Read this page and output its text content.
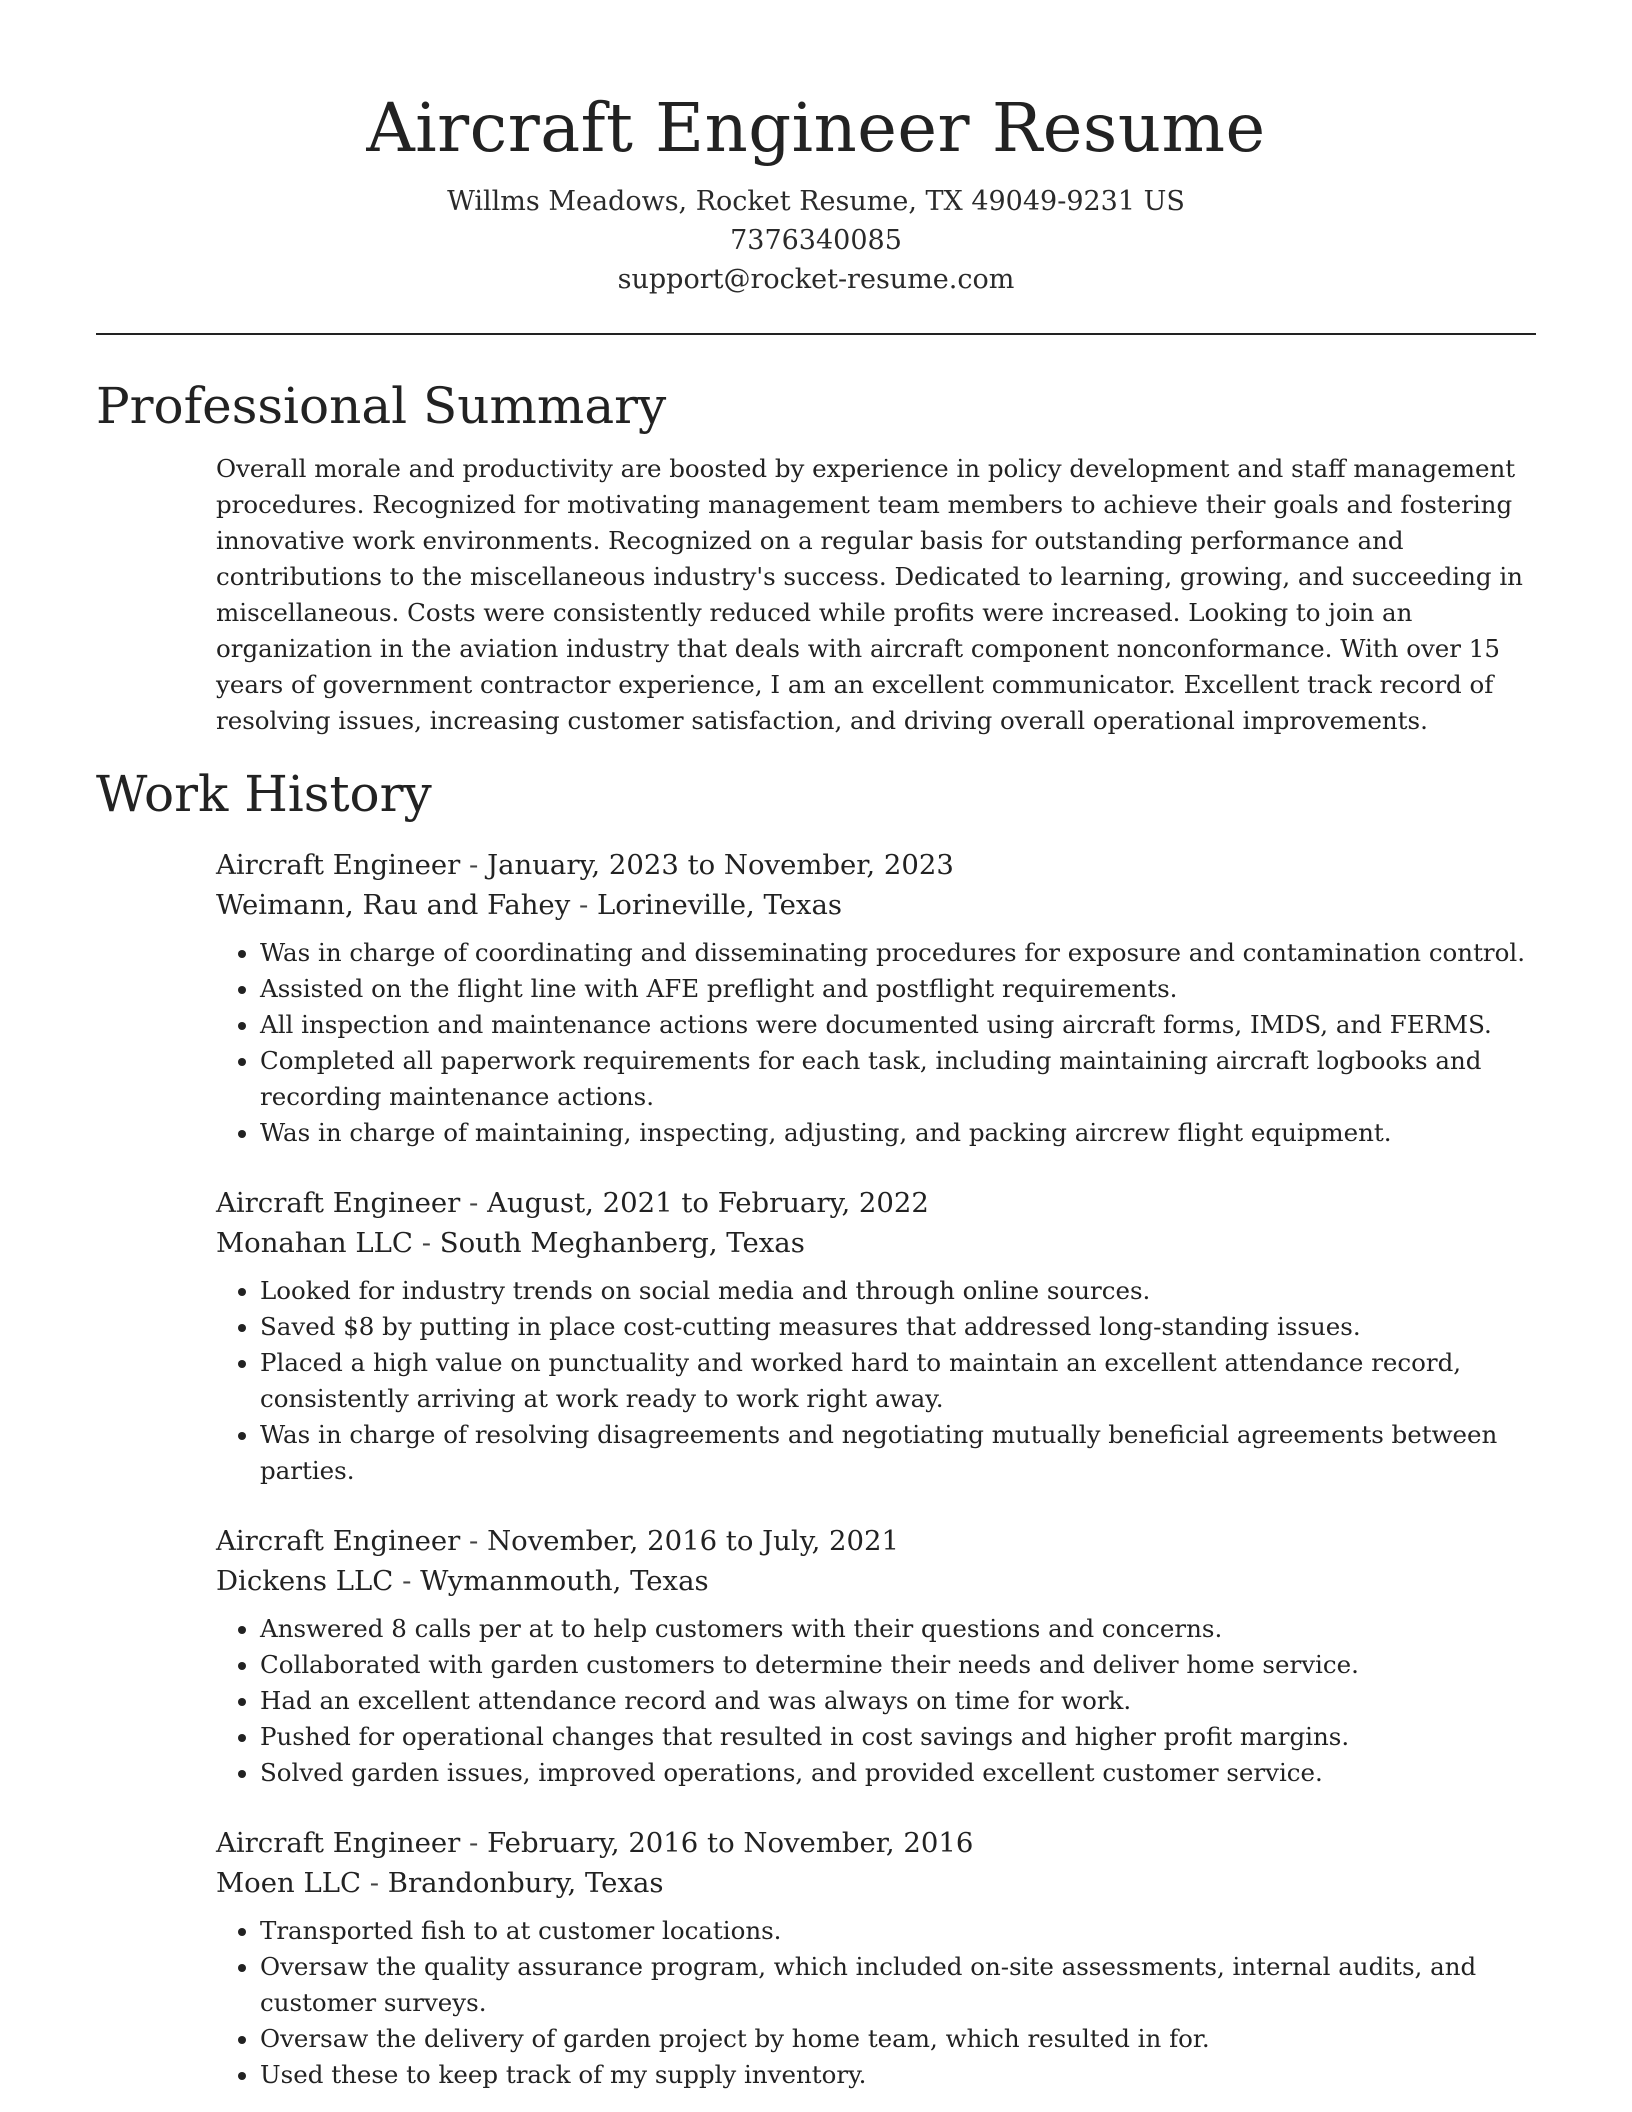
Aircraft Engineer Resume
Willms Meadows, Rocket Resume, TX 49049-9231 US
7376340085
support@rocket-resume.com
Professional Summary

Overall morale and productivity are boosted by experience in policy development and staff management procedures. Recognized for motivating management team members to achieve their goals and fostering innovative work environments. Recognized on a regular basis for outstanding performance and contributions to the miscellaneous industry's success. Dedicated to learning, growing, and succeeding in miscellaneous. Costs were consistently reduced while profits were increased. Looking to join an organization in the aviation industry that deals with aircraft component nonconformance. With over 15 years of government contractor experience, I am an excellent communicator. Excellent track record of resolving issues, increasing customer satisfaction, and driving overall operational improvements.

Work History
Aircraft Engineer - January, 2023 to November, 2023
Weimann, Rau and Fahey - Lorineville, Texas
• Was in charge of coordinating and disseminating procedures for exposure and contamination control.
• Assisted on the flight line with AFE preflight and postflight requirements.
• All inspection and maintenance actions were documented using aircraft forms, IMDS, and FERMS.
• Completed all paperwork requirements for each task, including maintaining aircraft logbooks and recording maintenance actions.
• Was in charge of maintaining, inspecting, adjusting, and packing aircrew flight equipment.
Aircraft Engineer - August, 2021 to February, 2022
Monahan LLC - South Meghanberg, Texas
• Looked for industry trends on social media and through online sources.
• Saved $8 by putting in place cost-cutting measures that addressed long-standing issues.
• Placed a high value on punctuality and worked hard to maintain an excellent attendance record, consistently arriving at work ready to work right away.
• Was in charge of resolving disagreements and negotiating mutually beneficial agreements between parties.
Aircraft Engineer - November, 2016 to July, 2021
Dickens LLC - Wymanmouth, Texas
• Answered 8 calls per at to help customers with their questions and concerns.
• Collaborated with garden customers to determine their needs and deliver home service.
• Had an excellent attendance record and was always on time for work.
• Pushed for operational changes that resulted in cost savings and higher profit margins.
• Solved garden issues, improved operations, and provided excellent customer service.
Aircraft Engineer - February, 2016 to November, 2016
Moen LLC - Brandonbury, Texas
• Transported fish to at customer locations.
• Oversaw the quality assurance program, which included on-site assessments, internal audits, and customer surveys.
• Oversaw the delivery of garden project by home team, which resulted in for.
• Used these to keep track of my supply inventory.
